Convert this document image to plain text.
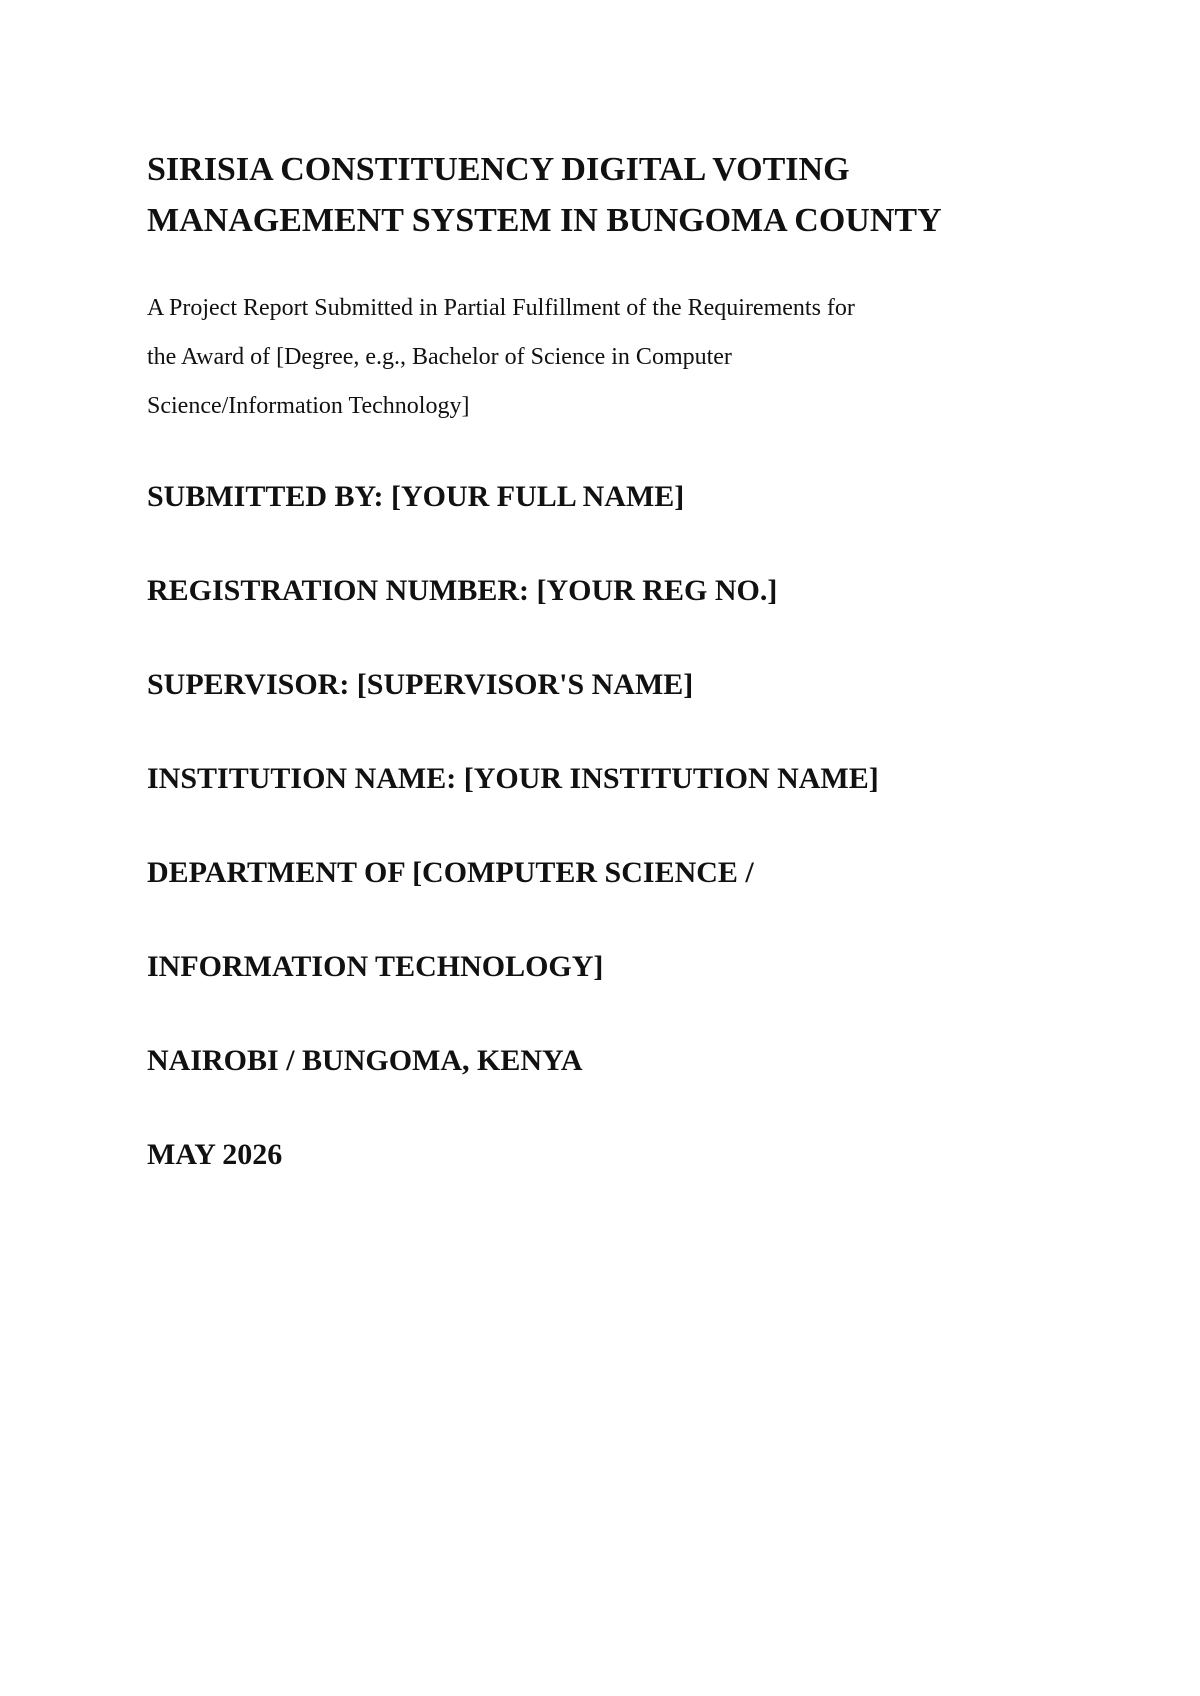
SIRISIA CONSTITUENCY DIGITAL VOTING
MANAGEMENT SYSTEM IN BUNGOMA COUNTY

A Project Report Submitted in Partial Fulfillment of the Requirements for
the Award of [Degree, e.g., Bachelor of Science in Computer
Science/Information Technology]

SUBMITTED BY: [YOUR FULL NAME]
REGISTRATION NUMBER: [YOUR REG NO.]
SUPERVISOR: [SUPERVISOR'S NAME]
INSTITUTION NAME: [YOUR INSTITUTION NAME]
DEPARTMENT OF [COMPUTER SCIENCE /
INFORMATION TECHNOLOGY]
NAIROBI / BUNGOMA, KENYA
MAY 2026
